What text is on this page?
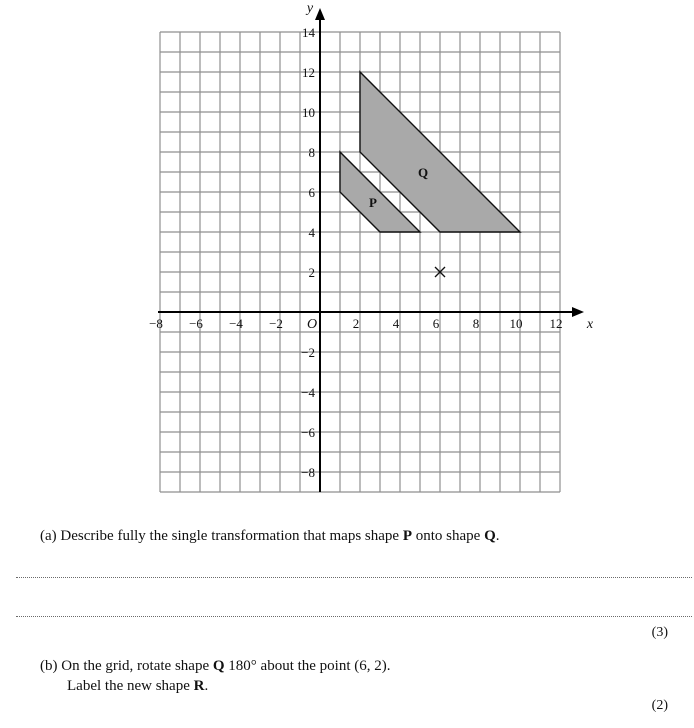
P
Q
−8 −6 −4 −2	2	4	6	8 10 12
14
12
10
8
6
4
2
−2
−4
−6
−8
O	x
y
(a) Describe fully the single transformation that maps shape P onto shape Q.
(3)
(b) On the grid, rotate shape Q 180° about the point (6, 2).
Label the new shape R.
(2)
